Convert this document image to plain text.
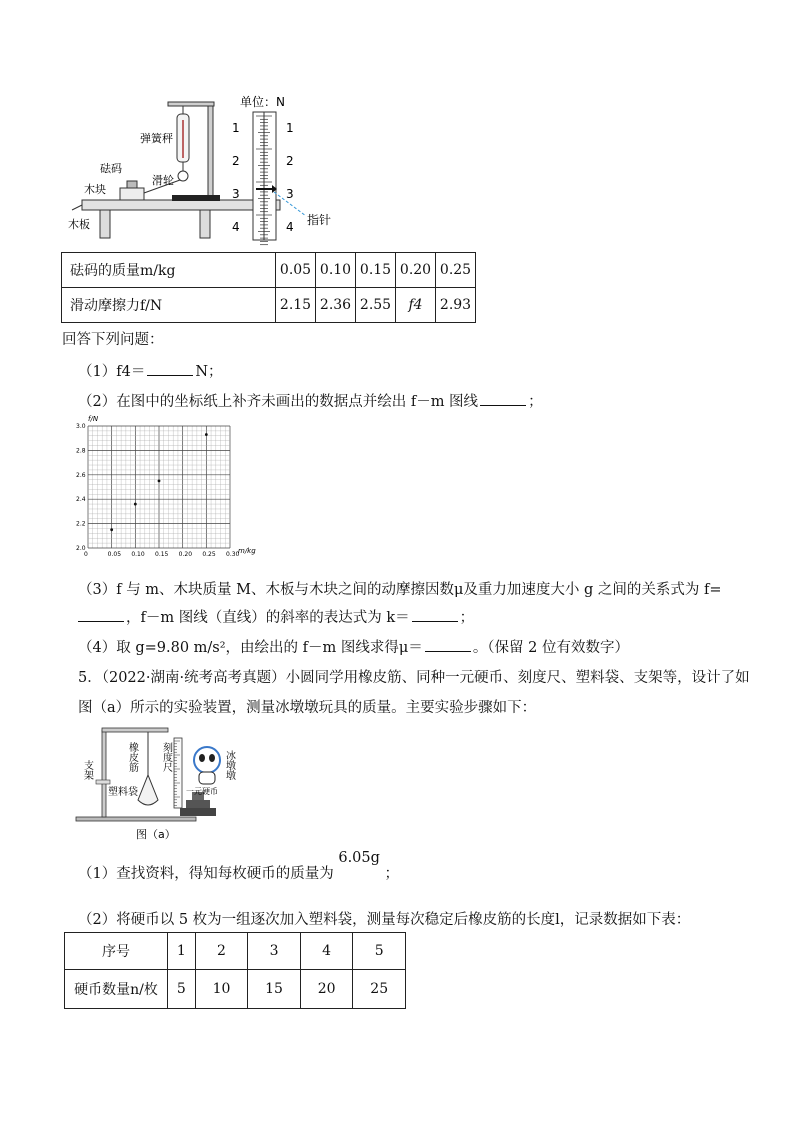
弹簧秤
砝码
木块
滑轮
木板
单位：N
1
2
3
4
1
2
3
4 指针
砝码的质量m/kg	0.05	0.10	0.15	0.20	0.25
滑动摩擦力f/N	2.15	2.36	2.55	f4	2.93
回答下列问题：
（1）f4＝	N；
（2）在图中的坐标纸上补齐未画出的数据点并绘出 f－m 图线	；
0	0.05 0.10 0.15 0.20 0.25 0.30
2.0
2.2
2.4
2.6
2.8
3.0
f/N
m/kg
（3）f 与 m、木块质量 M、木板与木块之间的动摩擦因数μ及重力加速度大小 g 之间的关系式为 f=
，f－m 图线（直线）的斜率的表达式为 k＝	；
（4）取 g=9.80 m/s²，由绘出的 f－m 图线求得μ＝	。（保留 2 位有效数字）
5．（2022·湖南·统考高考真题）小圆同学用橡皮筋、同种一元硬币、刻度尺、塑料袋、支架等，设计了如
图（a）所示的实验装置，测量冰墩墩玩具的质量。主要实验步骤如下：
支架	橡皮筋 刻度尺	冰墩墩
塑料袋	一元硬币
图（a）
（1）查找资料，得知每枚硬币的质量为 6.05g ；
（2）将硬币以 5 枚为一组逐次加入塑料袋，测量每次稳定后橡皮筋的长度l，记录数据如下表：
序号	1	2	3	4	5
硬币数量n/枚	5	10	15	20	25
